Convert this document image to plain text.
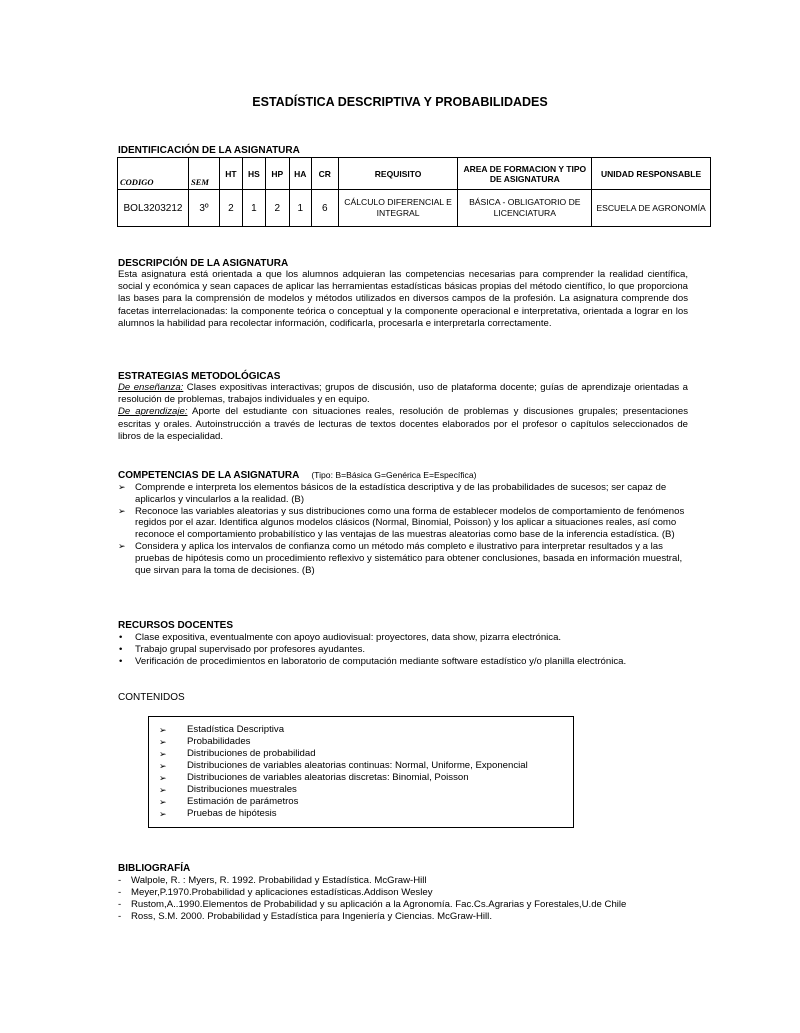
ESTADÍSTICA DESCRIPTIVA Y PROBABILIDADES
IDENTIFICACIÓN DE LA ASIGNATURA
CODIGO	SEM	HT	HS	HP	HA	CR	REQUISITO	AREA DE FORMACION Y TIPO DE ASIGNATURA	UNIDAD RESPONSABLE
BOL3203212	3º	2	1	2	1	6	CÁLCULO DIFERENCIAL E INTEGRAL	BÁSICA - OBLIGATORIO DE LICENCIATURA	ESCUELA DE AGRONOMÍA
DESCRIPCIÓN DE LA ASIGNATURA
Esta asignatura está orientada a que los alumnos adquieran las competencias necesarias para comprender la realidad científica, social y económica y sean capaces de aplicar las herramientas estadísticas básicas propias del método científico, lo que proporciona las bases para la comprensión de modelos y métodos utilizados en diversos campos de la profesión. La asignatura comprende dos facetas interrelacionadas: la componente teórica o conceptual y la componente operacional e interpretativa, orientada a lograr en los alumnos la habilidad para recolectar información, codificarla, procesarla e interpretarla correctamente.
ESTRATEGIAS METODOLÓGICAS

De enseñanza: Clases expositivas interactivas; grupos de discusión, uso de plataforma docente; guías de aprendizaje orientadas a resolución de problemas, trabajos individuales y en equipo.

De aprendizaje: Aporte del estudiante con situaciones reales, resolución de problemas y discusiones grupales; presentaciones escritas y orales. Autoinstrucción a través de lecturas de textos docentes elaborados por el profesor o capítulos seleccionados de libros de la especialidad.

COMPETENCIAS DE LA ASIGNATURA (Tipo: B=Básica G=Genérica E=Específica)
➢ Comprende e interpreta los elementos básicos de la estadística descriptiva y de las probabilidades de sucesos; ser capaz de aplicarlos y vincularlos a la realidad. (B)
➢ Reconoce las variables aleatorias y sus distribuciones como una forma de establecer modelos de comportamiento de fenómenos regidos por el azar. Identifica algunos modelos clásicos (Normal, Binomial, Poisson) y los aplicar a situaciones reales, así como reconoce el comportamiento probabilístico y las ventajas de las muestras aleatorias como base de la inferencia estadística. (B)
➢ Considera y aplica los intervalos de confianza como un método más completo e ilustrativo para interpretar resultados y a las pruebas de hipótesis como un procedimiento reflexivo y sistemático para obtener conclusiones, basada en información muestral, que sirvan para la toma de decisiones. (B)
RECURSOS DOCENTES
• Clase expositiva, eventualmente con apoyo audiovisual: proyectores, data show, pizarra electrónica.
• Trabajo grupal supervisado por profesores ayudantes.
• Verificación de procedimientos en laboratorio de computación mediante software estadístico y/o planilla electrónica.
CONTENIDOS
➢ Estadística Descriptiva
➢ Probabilidades
➢ Distribuciones de probabilidad
➢ Distribuciones de variables aleatorias continuas: Normal, Uniforme, Exponencial
➢ Distribuciones de variables aleatorias discretas: Binomial, Poisson
➢ Distribuciones muestrales
➢ Estimación de parámetros
➢ Pruebas de hipótesis
BIBLIOGRAFÍA
- Walpole, R. : Myers, R. 1992. Probabilidad y Estadística. McGraw-Hill
- Meyer,P.1970.Probabilidad y aplicaciones estadísticas.Addison Wesley
- Rustom,A..1990.Elementos de Probabilidad y su aplicación a la Agronomía. Fac.Cs.Agrarias y Forestales,U.de Chile
- Ross, S.M. 2000. Probabilidad y Estadística para Ingeniería y Ciencias. McGraw-Hill.
